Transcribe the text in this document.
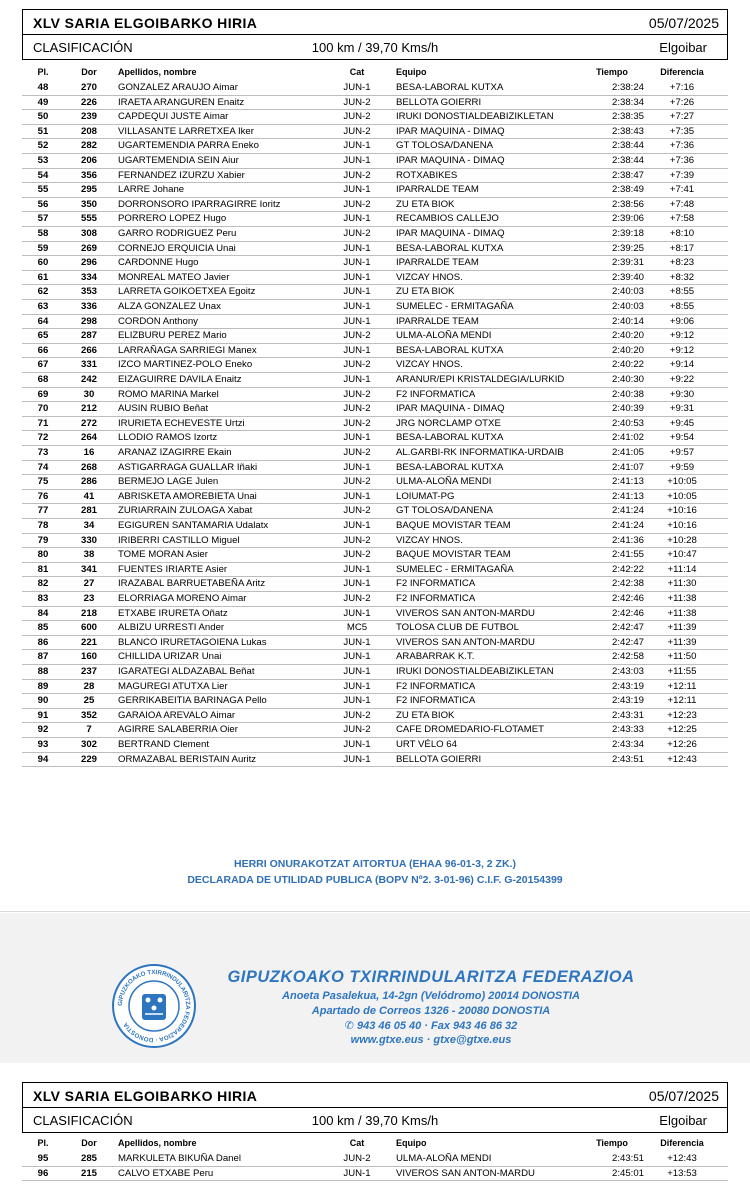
XLV SARIA ELGOIBARKO HIRIA	05/07/2025
CLASIFICACIÓN	100 km / 39,70 Kms/h	Elgoibar
Pl.	Dor	Apellidos, nombre	Cat	Equipo	Tiempo	Diferencia
48	270	GONZALEZ ARAUJO Aimar	JUN-1	BESA-LABORAL KUTXA	2:38:24	+7:16
49	226	IRAETA ARANGUREN Enaitz	JUN-2	BELLOTA GOIERRI	2:38:34	+7:26
50	239	CAPDEQUI JUSTE Aimar	JUN-2	IRUKI DONOSTIALDEABIZIKLETAN	2:38:35	+7:27
51	208	VILLASANTE LARRETXEA Iker	JUN-2	IPAR MAQUINA - DIMAQ	2:38:43	+7:35
52	282	UGARTEMENDIA PARRA Eneko	JUN-1	GT TOLOSA/DANENA	2:38:44	+7:36
53	206	UGARTEMENDIA SEIN Aiur	JUN-1	IPAR MAQUINA - DIMAQ	2:38:44	+7:36
54	356	FERNANDEZ IZURZU Xabier	JUN-2	ROTXABIKES	2:38:47	+7:39
55	295	LARRE Johane	JUN-1	IPARRALDE TEAM	2:38:49	+7:41
56	350	DORRONSORO IPARRAGIRRE Ioritz	JUN-2	ZU ETA BIOK	2:38:56	+7:48
57	555	PORRERO LOPEZ Hugo	JUN-1	RECAMBIOS CALLEJO	2:39:06	+7:58
58	308	GARRO RODRIGUEZ Peru	JUN-2	IPAR MAQUINA - DIMAQ	2:39:18	+8:10
59	269	CORNEJO ERQUICIA Unai	JUN-1	BESA-LABORAL KUTXA	2:39:25	+8:17
60	296	CARDONNE Hugo	JUN-1	IPARRALDE TEAM	2:39:31	+8:23
61	334	MONREAL MATEO Javier	JUN-1	VIZCAY HNOS.	2:39:40	+8:32
62	353	LARRETA GOIKOETXEA Egoitz	JUN-1	ZU ETA BIOK	2:40:03	+8:55
63	336	ALZA GONZALEZ Unax	JUN-1	SUMELEC - ERMITAGAÑA	2:40:03	+8:55
64	298	CORDON Anthony	JUN-1	IPARRALDE TEAM	2:40:14	+9:06
65	287	ELIZBURU PEREZ Mario	JUN-2	ULMA-ALOÑA MENDI	2:40:20	+9:12
66	266	LARRAÑAGA SARRIEGI Manex	JUN-1	BESA-LABORAL KUTXA	2:40:20	+9:12
67	331	IZCO MARTINEZ-POLO Eneko	JUN-2	VIZCAY HNOS.	2:40:22	+9:14
68	242	EIZAGUIRRE DAVILA Enaitz	JUN-1	ARANUR/EPI KRISTALDEGIA/LURKID	2:40:30	+9:22
69	30	ROMO MARINA Markel	JUN-2	F2 INFORMATICA	2:40:38	+9:30
70	212	AUSIN RUBIO Beñat	JUN-2	IPAR MAQUINA - DIMAQ	2:40:39	+9:31
71	272	IRURIETA ECHEVESTE Urtzi	JUN-2	JRG NORCLAMP OTXE	2:40:53	+9:45
72	264	LLODIO RAMOS Izortz	JUN-1	BESA-LABORAL KUTXA	2:41:02	+9:54
73	16	ARANAZ IZAGIRRE Ekain	JUN-2	AL.GARBI-RK INFORMATIKA-URDAIB	2:41:05	+9:57
74	268	ASTIGARRAGA GUALLAR Iñaki	JUN-1	BESA-LABORAL KUTXA	2:41:07	+9:59
75	286	BERMEJO LAGE Julen	JUN-2	ULMA-ALOÑA MENDI	2:41:13	+10:05
76	41	ABRISKETA AMOREBIETA Unai	JUN-1	LOIUMAT-PG	2:41:13	+10:05
77	281	ZURIARRAIN ZULOAGA Xabat	JUN-2	GT TOLOSA/DANENA	2:41:24	+10:16
78	34	EGIGUREN SANTAMARIA Udalatx	JUN-1	BAQUE MOVISTAR TEAM	2:41:24	+10:16
79	330	IRIBERRI CASTILLO Miguel	JUN-2	VIZCAY HNOS.	2:41:36	+10:28
80	38	TOME MORAN Asier	JUN-2	BAQUE MOVISTAR TEAM	2:41:55	+10:47
81	341	FUENTES IRIARTE Asier	JUN-1	SUMELEC - ERMITAGAÑA	2:42:22	+11:14
82	27	IRAZABAL BARRUETABEÑA Aritz	JUN-1	F2 INFORMATICA	2:42:38	+11:30
83	23	ELORRIAGA MORENO Aimar	JUN-2	F2 INFORMATICA	2:42:46	+11:38
84	218	ETXABE IRURETA Oñatz	JUN-1	VIVEROS SAN ANTON-MARDU	2:42:46	+11:38
85	600	ALBIZU URRESTI Ander	MC5	TOLOSA CLUB DE FUTBOL	2:42:47	+11:39
86	221	BLANCO IRURETAGOIENA Lukas	JUN-1	VIVEROS SAN ANTON-MARDU	2:42:47	+11:39
87	160	CHILLIDA URIZAR Unai	JUN-1	ARABARRAK K.T.	2:42:58	+11:50
88	237	IGARATEGI ALDAZABAL Beñat	JUN-1	IRUKI DONOSTIALDEABIZIKLETAN	2:43:03	+11:55
89	28	MAGUREGI ATUTXA Lier	JUN-1	F2 INFORMATICA	2:43:19	+12:11
90	25	GERRIKABEITIA BARINAGA Pello	JUN-1	F2 INFORMATICA	2:43:19	+12:11
91	352	GARAIOA AREVALO Aimar	JUN-2	ZU ETA BIOK	2:43:31	+12:23
92	7	AGIRRE SALABERRIA Oier	JUN-2	CAFE DROMEDARIO-FLOTAMET	2:43:33	+12:25
93	302	BERTRAND Clement	JUN-1	URT VÉLO 64	2:43:34	+12:26
94	229	ORMAZABAL BERISTAIN Auritz	JUN-1	BELLOTA GOIERRI	2:43:51	+12:43
HERRI ONURAKOTZAT AITORTUA (EHAA 96-01-3, 2 ZK.)
DECLARADA DE UTILIDAD PUBLICA (BOPV Nº2. 3-01-96) C.I.F. G-20154399
GIPUZKOAKO TXIRRINDULARITZA FEDERAZIOA · DONOSTIA
GIPUZKOAKO TXIRRINDULARITZA FEDERAZIOA
Anoeta Pasalekua, 14-2gn (Velódromo) 20014 DONOSTIA
Apartado de Correos 1326 - 20080 DONOSTIA
✆ 943 46 05 40 · Fax 943 46 86 32
www.gtxe.eus · gtxe@gtxe.eus
XLV SARIA ELGOIBARKO HIRIA	05/07/2025
CLASIFICACIÓN	100 km / 39,70 Kms/h	Elgoibar
Pl.	Dor	Apellidos, nombre	Cat	Equipo	Tiempo	Diferencia
95	285	MARKULETA BIKUÑA Danel	JUN-2	ULMA-ALOÑA MENDI	2:43:51	+12:43
96	215	CALVO ETXABE Peru	JUN-1	VIVEROS SAN ANTON-MARDU	2:45:01	+13:53
